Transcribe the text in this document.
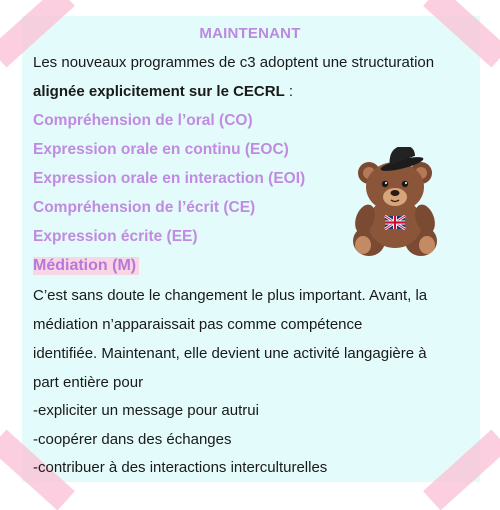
MAINTENANT
Les nouveaux programmes de c3 adoptent une structuration
alignée explicitement sur le CECRL :
Compréhension de l’oral (CO)
Expression orale en continu (EOC)
Expression orale en interaction (EOI)
Compréhension de l’écrit (CE)
Expression écrite (EE)
Médiation (M)
C’est sans doute le changement le plus important. Avant, la
médiation n’apparaissait pas comme compétence
identifiée. Maintenant, elle devient une activité langagière à
part entière pour
-expliciter un message pour autrui
-coopérer dans des échanges
-contribuer à des interactions interculturelles
